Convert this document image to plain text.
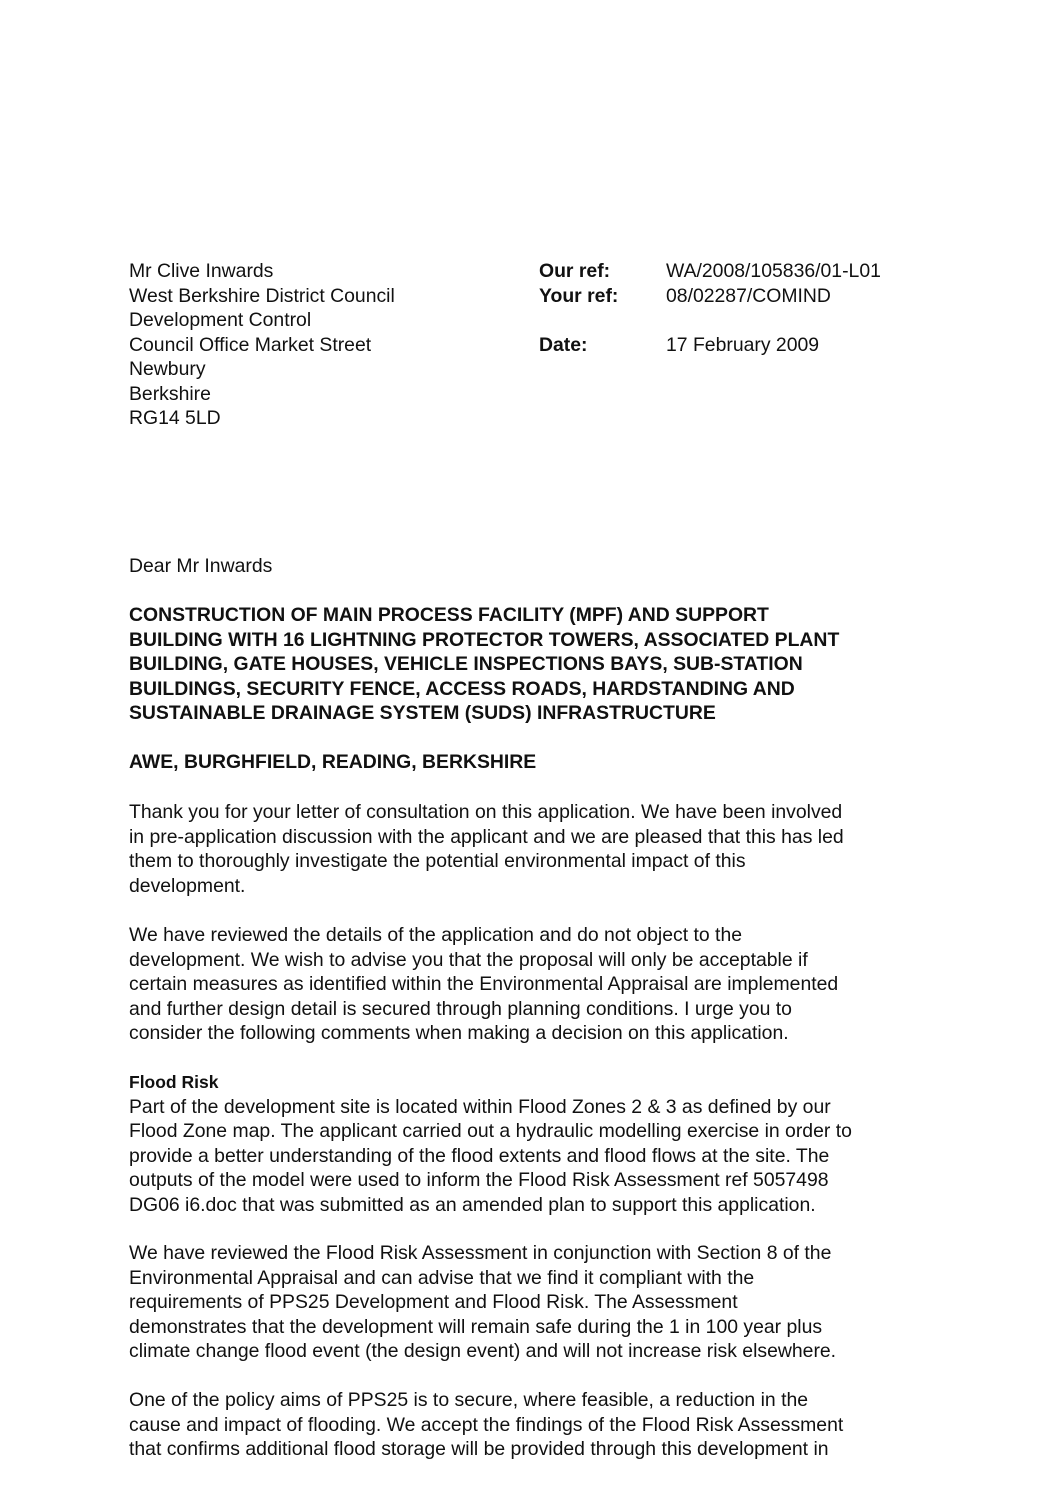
Mr Clive Inwards
West Berkshire District Council
Development Control
Council Office Market Street
Newbury
Berkshire
RG14 5LD
Our ref:	WA/2008/105836/01-L01
Your ref:	08/02287/COMIND
Date:	17 February 2009
Dear Mr Inwards
CONSTRUCTION OF MAIN PROCESS FACILITY (MPF) AND SUPPORT
BUILDING WITH 16 LIGHTNING PROTECTOR TOWERS, ASSOCIATED PLANT
BUILDING, GATE HOUSES, VEHICLE INSPECTIONS BAYS, SUB-STATION
BUILDINGS, SECURITY FENCE, ACCESS ROADS, HARDSTANDING AND
SUSTAINABLE DRAINAGE SYSTEM (SUDS) INFRASTRUCTURE
AWE, BURGHFIELD, READING, BERKSHIRE
Thank you for your letter of consultation on this application. We have been involved
in pre-application discussion with the applicant and we are pleased that this has led
them to thoroughly investigate the potential environmental impact of this
development.
We have reviewed the details of the application and do not object to the
development. We wish to advise you that the proposal will only be acceptable if
certain measures as identified within the Environmental Appraisal are implemented
and further design detail is secured through planning conditions. I urge you to
consider the following comments when making a decision on this application.
Flood Risk
Part of the development site is located within Flood Zones 2 & 3 as defined by our
Flood Zone map. The applicant carried out a hydraulic modelling exercise in order to
provide a better understanding of the flood extents and flood flows at the site. The
outputs of the model were used to inform the Flood Risk Assessment ref 5057498
DG06 i6.doc that was submitted as an amended plan to support this application.
We have reviewed the Flood Risk Assessment in conjunction with Section 8 of the
Environmental Appraisal and can advise that we find it compliant with the
requirements of PPS25 Development and Flood Risk. The Assessment
demonstrates that the development will remain safe during the 1 in 100 year plus
climate change flood event (the design event) and will not increase risk elsewhere.
One of the policy aims of PPS25 is to secure, where feasible, a reduction in the
cause and impact of flooding. We accept the findings of the Flood Risk Assessment
that confirms additional flood storage will be provided through this development in
